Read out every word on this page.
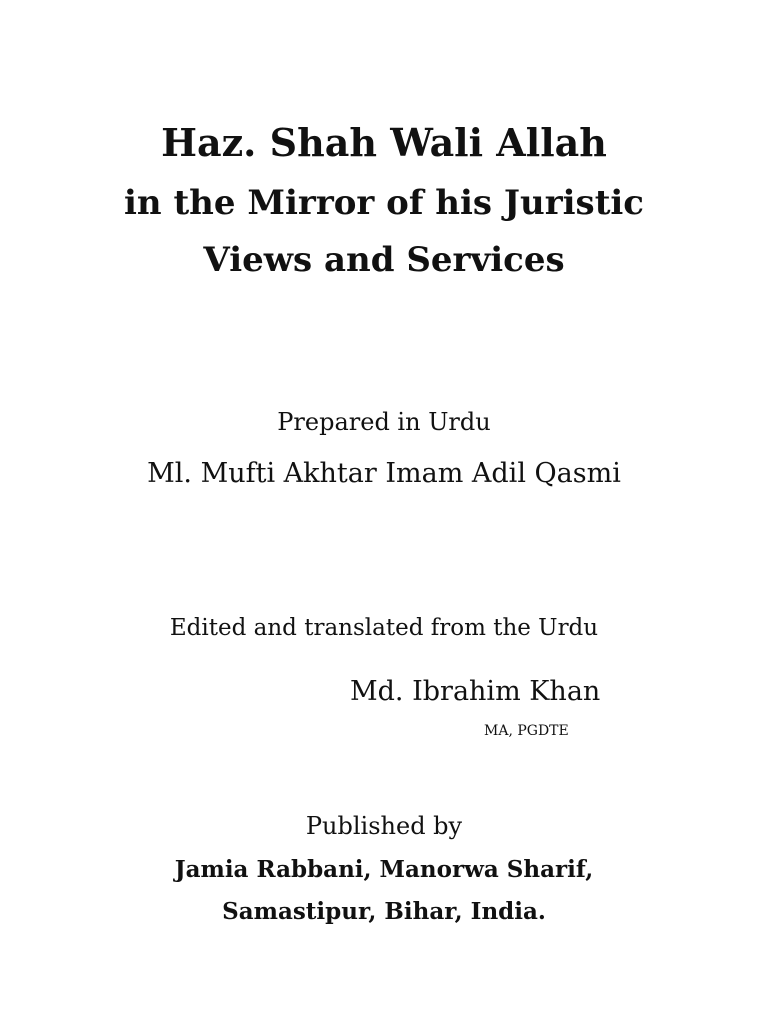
Haz. Shah Wali Allah
in the Mirror of his Juristic
Views and Services
Prepared in Urdu
Ml. Mufti Akhtar Imam Adil Qasmi
Edited and translated from the Urdu
Md. Ibrahim Khan
MA, PGDTE
Published by
Jamia Rabbani, Manorwa Sharif,
Samastipur, Bihar, India.
